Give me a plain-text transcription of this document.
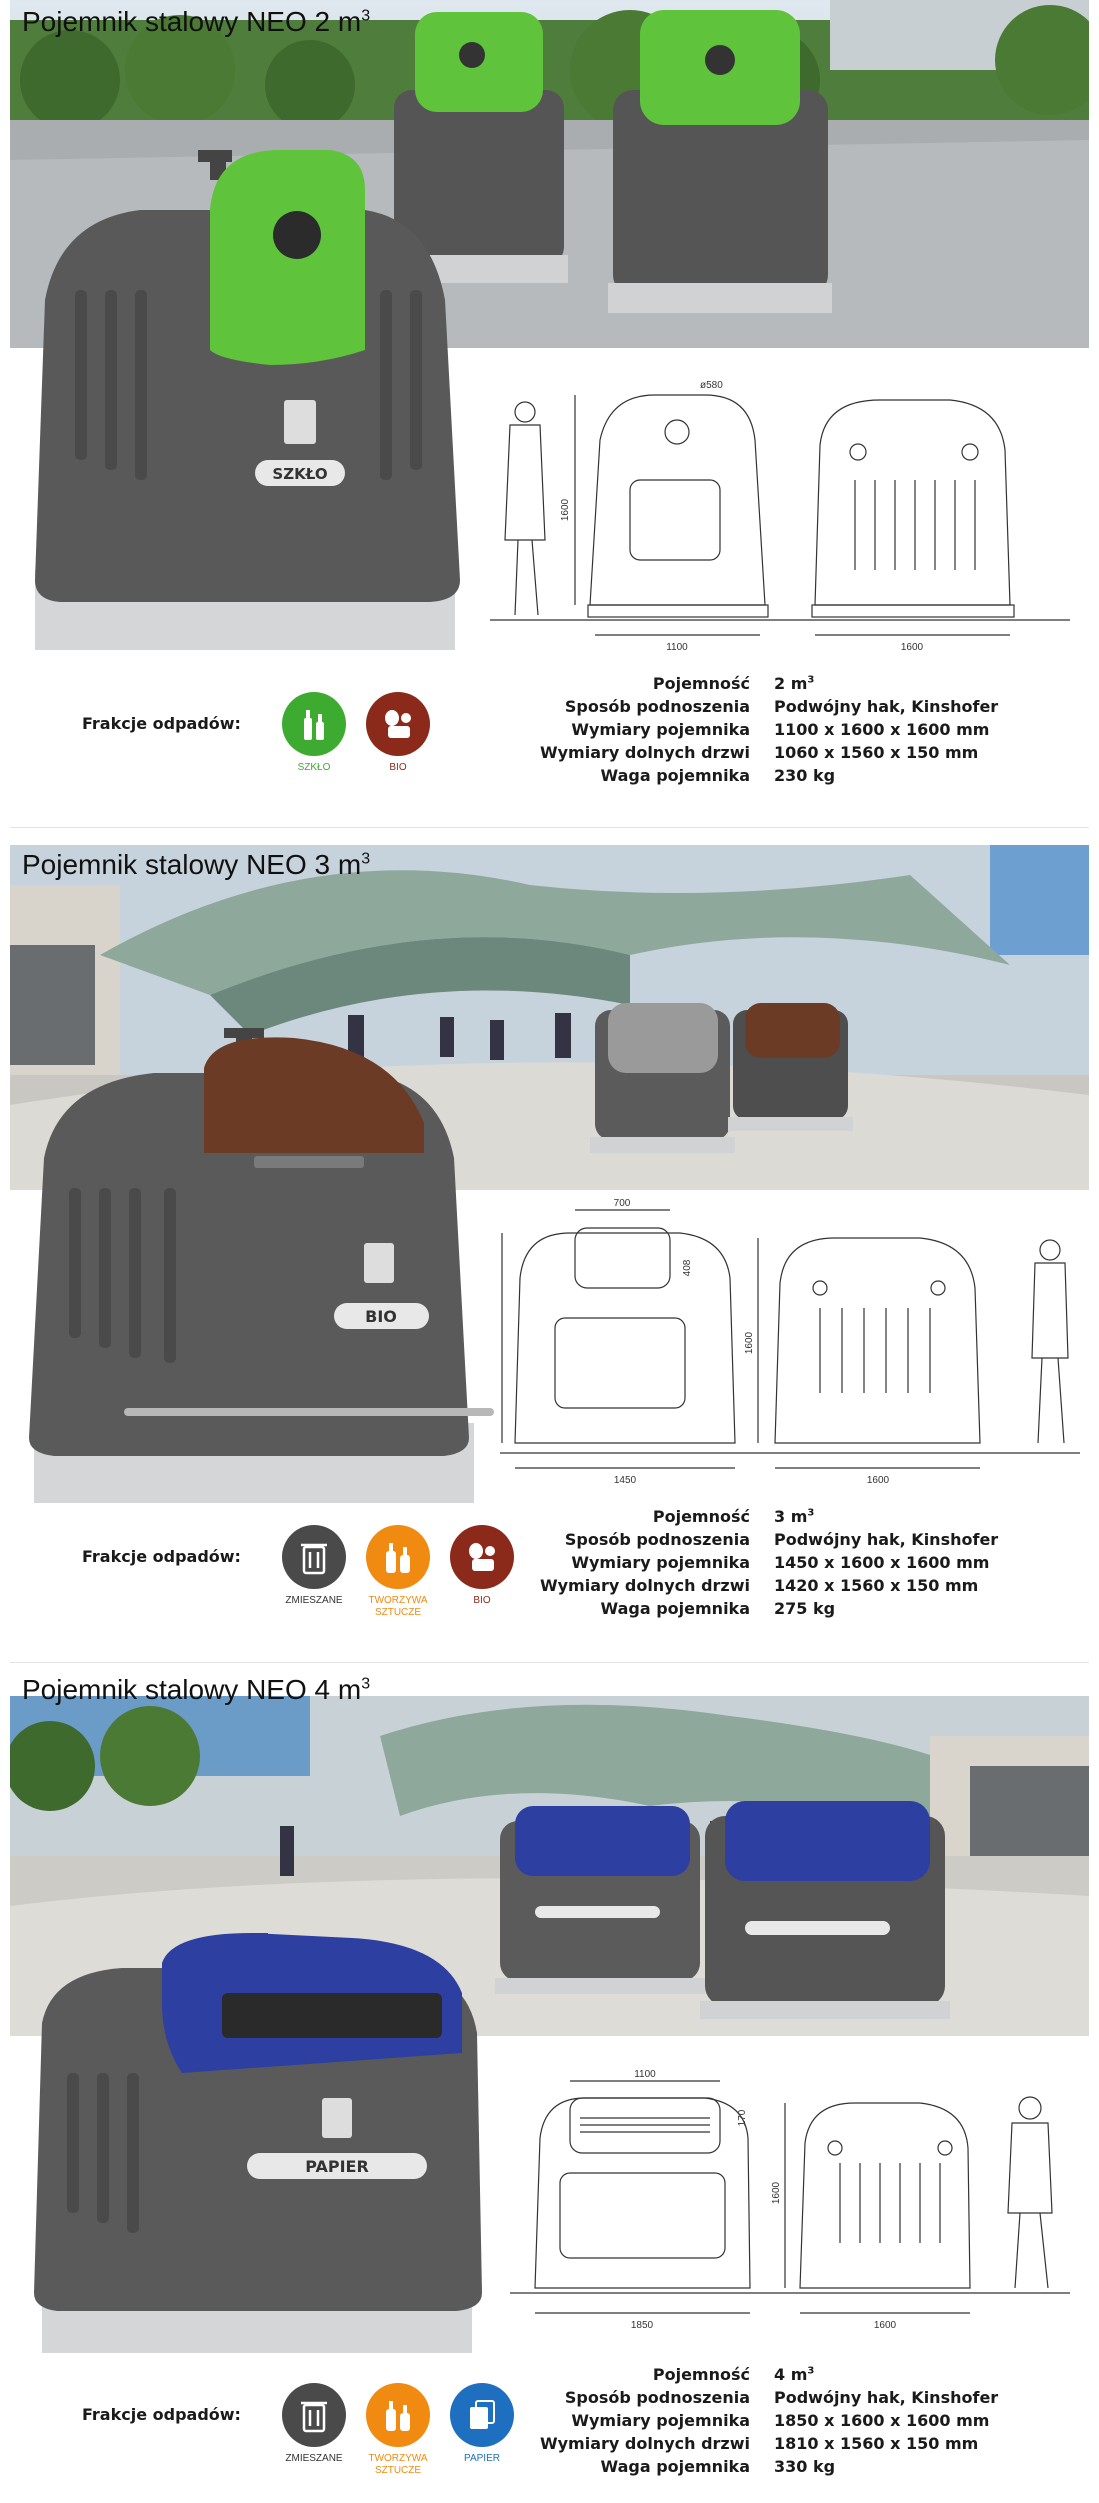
Pojemnik stalowy NEO 2 $m^3$
SZKŁO
1100
ø580
1600
1600
Pojemność	2 $m^3$
Sposób podnoszenia	Podwójny hak, Kinshofer
Wymiary pojemnika	1100 x 1600 x 1600 mm
Wymiary dolnych drzwi	1060 x 1560 x 150 mm
Waga pojemnika	230 kg
Frakcje odpadów:
SZKŁO	BIO
Pojemnik stalowy NEO 3 $m^3$
BIO
700
408
1450
1600
1600
Pojemność	3 $m^3$
Sposób podnoszenia	Podwójny hak, Kinshofer
Wymiary pojemnika	1450 x 1600 x 1600 mm
Wymiary dolnych drzwi	1420 x 1560 x 150 mm
Waga pojemnika	275 kg
Frakcje odpadów:
ZMIESZANE	TWORZYWA SZTUCZE
BIO
Pojemnik stalowy NEO 4 $m^3$
PAPIER
1100
170
1850
1600
1600
Pojemność	4 $m^3$
Sposób podnoszenia	Podwójny hak, Kinshofer
Wymiary pojemnika	1850 x 1600 x 1600 mm
Wymiary dolnych drzwi	1810 x 1560 x 150 mm
Waga pojemnika	330 kg
Frakcje odpadów:
ZMIESZANE	TWORZYWA SZTUCZE
PAPIER
